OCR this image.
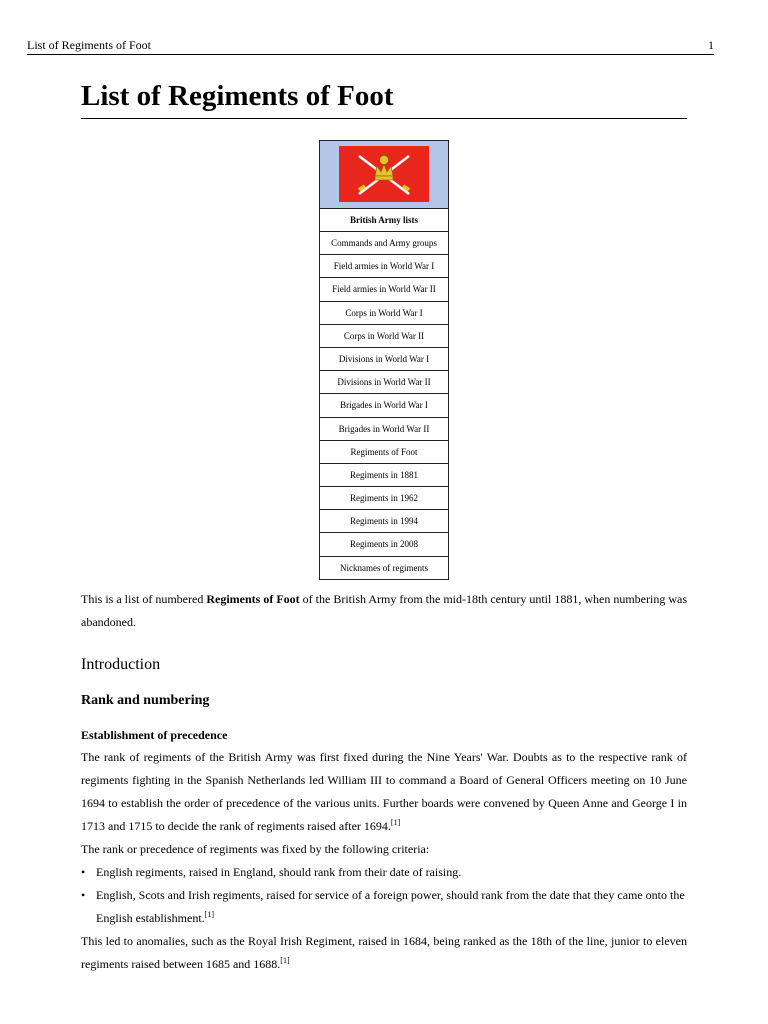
List of Regiments of Foot	1
List of Regiments of Foot
British Army lists
Commands and Army groups
Field armies in World War I
Field armies in World War II
Corps in World War I
Corps in World War II
Divisions in World War I
Divisions in World War II
Brigades in World War I
Brigades in World War II
Regiments of Foot
Regiments in 1881
Regiments in 1962
Regiments in 1994
Regiments in 2008
Nicknames of regiments

This is a list of numbered Regiments of Foot of the British Army from the mid-18th century until 1881, when numbering was abandoned.

Introduction
Rank and numbering
Establishment of precedence

The rank of regiments of the British Army was first fixed during the Nine Years' War. Doubts as to the respective rank of regiments fighting in the Spanish Netherlands led William III to command a Board of General Officers meeting on 10 June 1694 to establish the order of precedence of the various units. Further boards were convened by Queen Anne and George I in 1713 and 1715 to decide the rank of regiments raised after 1694.[1]

The rank or precedence of regiments was fixed by the following criteria:

• English regiments, raised in England, should rank from their date of raising.
• English, Scots and Irish regiments, raised for service of a foreign power, should rank from the date that they came onto the English establishment.[1]

This led to anomalies, such as the Royal Irish Regiment, raised in 1684, being ranked as the 18th of the line, junior to eleven regiments raised between 1685 and 1688.[1]
